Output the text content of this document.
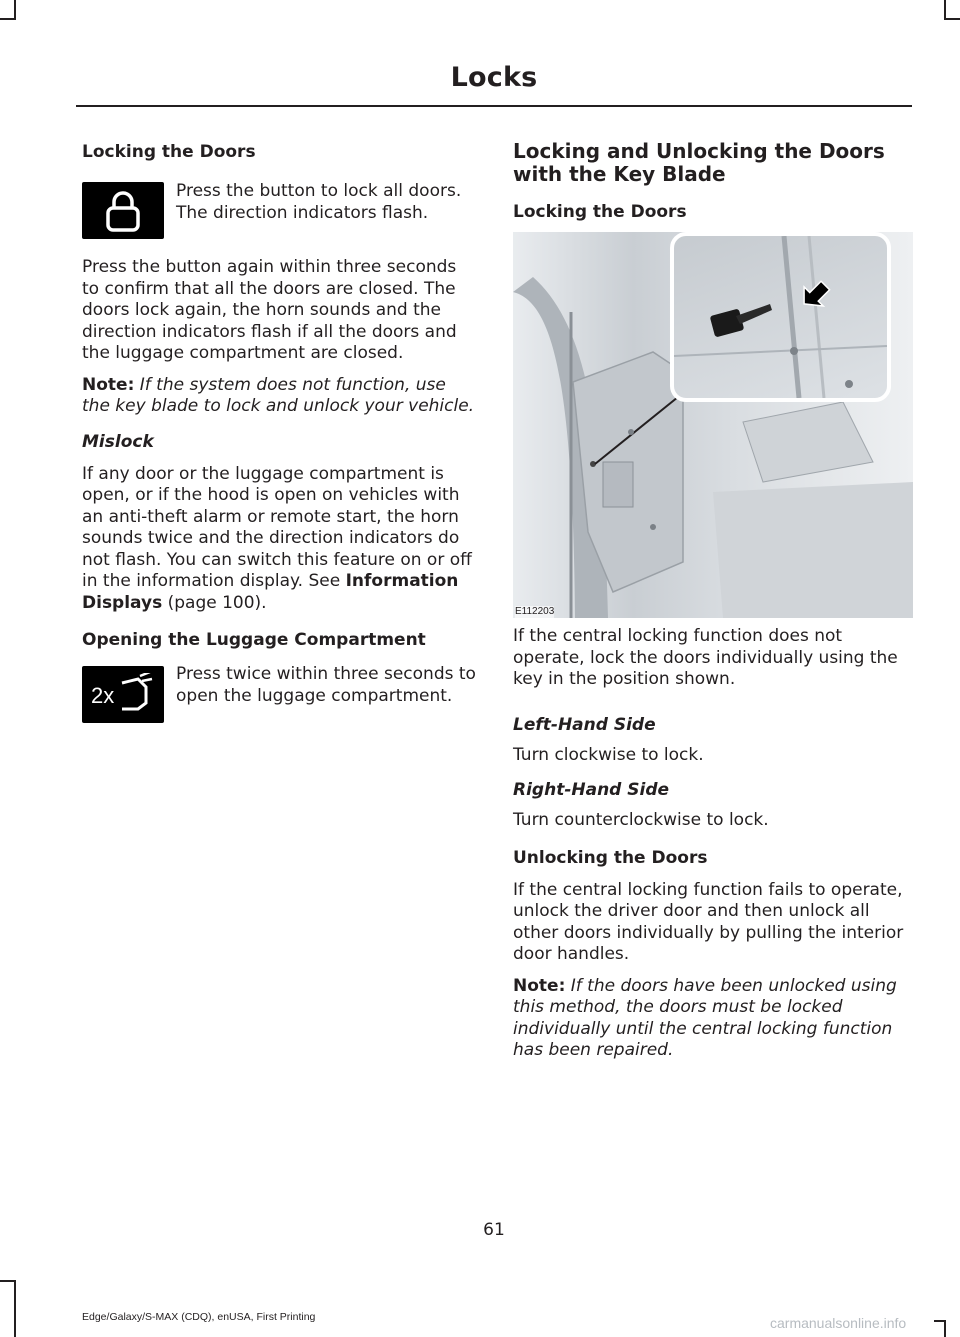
Locks
Locking the Doors

Press the button to lock all doors. The direction indicators flash.

Press the button again within three seconds to confirm that all the doors are closed. The doors lock again, the horn sounds and the direction indicators flash if all the doors and the luggage compartment are closed.

Note: If the system does not function, use the key blade to lock and unlock your vehicle.

Mislock

If any door or the luggage compartment is open, or if the hood is open on vehicles with an anti-theft alarm or remote start, the horn sounds twice and the direction indicators do not flash. You can switch this feature on or off in the information display. See Information Displays (page 100).

Opening the Luggage Compartment
2x

Press twice within three seconds to open the luggage compartment.

Locking and Unlocking the Doors with the Key Blade
Locking the Doors
E112203

If the central locking function does not operate, lock the doors individually using the key in the position shown.

Left-Hand Side

Turn clockwise to lock.

Right-Hand Side

Turn counterclockwise to lock.

Unlocking the Doors

If the central locking function fails to operate, unlock the driver door and then unlock all other doors individually by pulling the interior door handles.

Note: If the doors have been unlocked using this method, the doors must be locked individually until the central locking function has been repaired.

61
Edge/Galaxy/S-MAX (CDQ), enUSA, First Printing	carmanualsonline.info
